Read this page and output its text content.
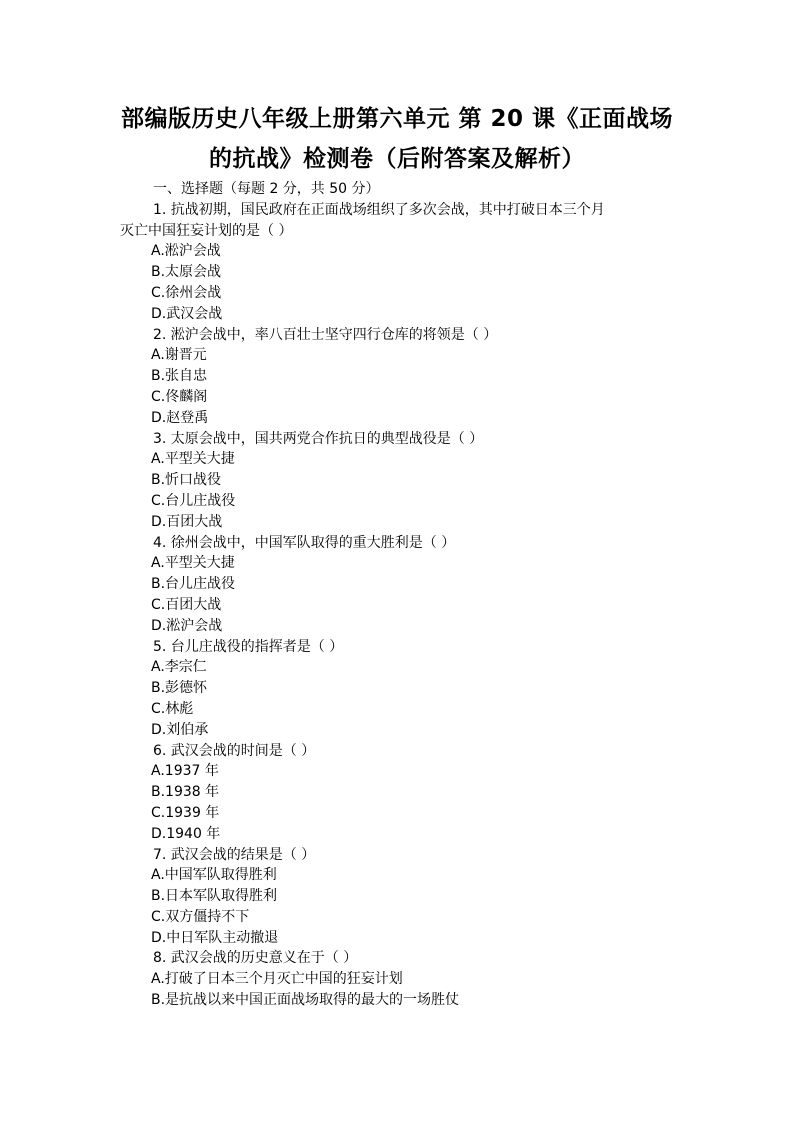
部编版历史八年级上册第六单元 第 20 课《正面战场
的抗战》检测卷（后附答案及解析）
一、选择题（每题 2 分，共 50 分）
1. 抗战初期，国民政府在正面战场组织了多次会战，其中打破日本三个月
灭亡中国狂妄计划的是（ ）
A.淞沪会战
B.太原会战
C.徐州会战
D.武汉会战
2. 淞沪会战中，率八百壮士坚守四行仓库的将领是（ ）
A.谢晋元
B.张自忠
C.佟麟阁
D.赵登禹
3. 太原会战中，国共两党合作抗日的典型战役是（ ）
A.平型关大捷
B.忻口战役
C.台儿庄战役
D.百团大战
4. 徐州会战中，中国军队取得的重大胜利是（ ）
A.平型关大捷
B.台儿庄战役
C.百团大战
D.淞沪会战
5. 台儿庄战役的指挥者是（ ）
A.李宗仁
B.彭德怀
C.林彪
D.刘伯承
6. 武汉会战的时间是（ ）
A.1937 年
B.1938 年
C.1939 年
D.1940 年
7. 武汉会战的结果是（ ）
A.中国军队取得胜利
B.日本军队取得胜利
C.双方僵持不下
D.中日军队主动撤退
8. 武汉会战的历史意义在于（ ）
A.打破了日本三个月灭亡中国的狂妄计划
B.是抗战以来中国正面战场取得的最大的一场胜仗
